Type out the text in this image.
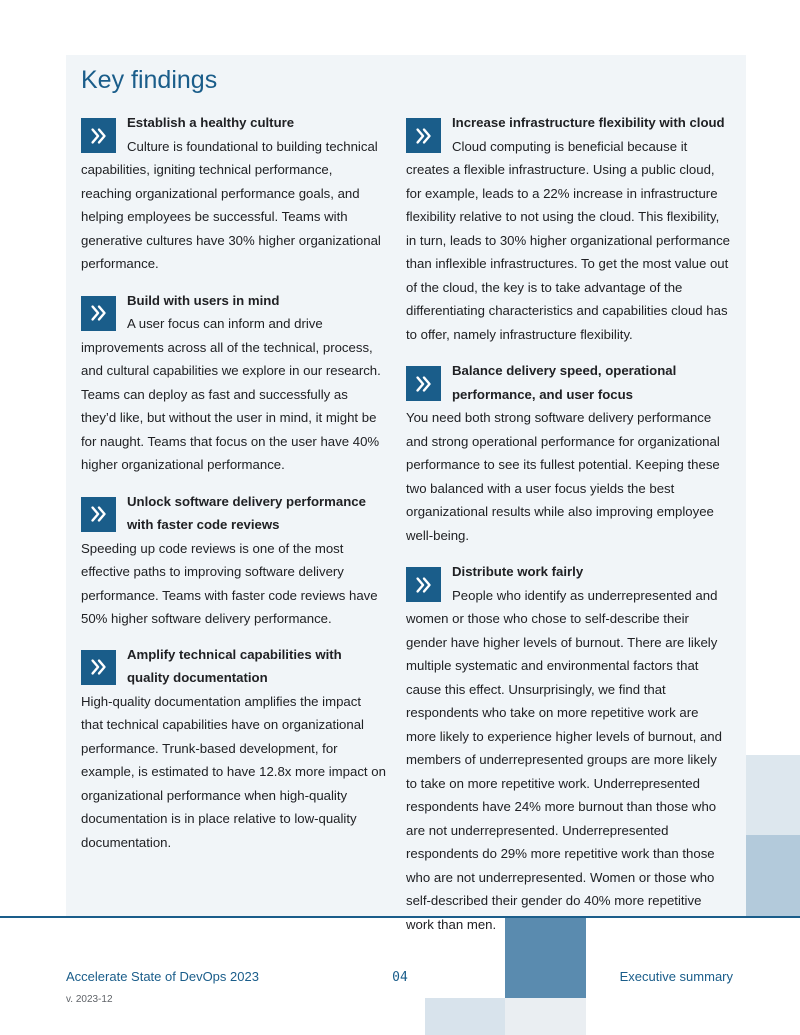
Key findings

Establish a healthy culture
Culture is foundational to building technical capabilities, igniting technical performance, reaching organizational performance goals, and helping employees be successful. Teams with generative cultures have 30% higher organizational performance.

Build with users in mind
A user focus can inform and drive improvements across all of the technical, process, and cultural capabilities we explore in our research. Teams can deploy as fast and successfully as they’d like, but without the user in mind, it might be for naught. Teams that focus on the user have 40% higher organizational performance.

Unlock software delivery performance with faster code reviews
Speeding up code reviews is one of the most effective paths to improving software delivery performance. Teams with faster code reviews have 50% higher software delivery performance.

Amplify technical capabilities with quality documentation
High-quality documentation amplifies the impact that technical capabilities have on organizational performance. Trunk-based development, for example, is estimated to have 12.8x more impact on organizational performance when high-quality documentation is in place relative to low-quality documentation.

Increase infrastructure flexibility with cloud
Cloud computing is beneficial because it creates a flexible infrastructure. Using a public cloud, for example, leads to a 22% increase in infrastructure flexibility relative to not using the cloud. This flexibility, in turn, leads to 30% higher organizational performance than inflexible infrastructures. To get the most value out of the cloud, the key is to take advantage of the differentiating characteristics and capabilities cloud has to offer, namely infrastructure flexibility.

Balance delivery speed, operational performance, and user focus
You need both strong software delivery performance and strong operational performance for organizational performance to see its fullest potential. Keeping these two balanced with a user focus yields the best organizational results while also improving employee well-being.

Distribute work fairly
People who identify as underrepresented and women or those who chose to self-describe their gender have higher levels of burnout. There are likely multiple systematic and environmental factors that cause this effect. Unsurprisingly, we find that respondents who take on more repetitive work are more likely to experience higher levels of burnout, and members of underrepresented groups are more likely to take on more repetitive work. Underrepresented respondents have 24% more burnout than those who are not underrepresented. Underrepresented respondents do 29% more repetitive work than those who are not underrepresented. Women or those who self-described their gender do 40% more repetitive work than men.

Accelerate State of DevOps 2023
v. 2023-12
04	Executive summary
